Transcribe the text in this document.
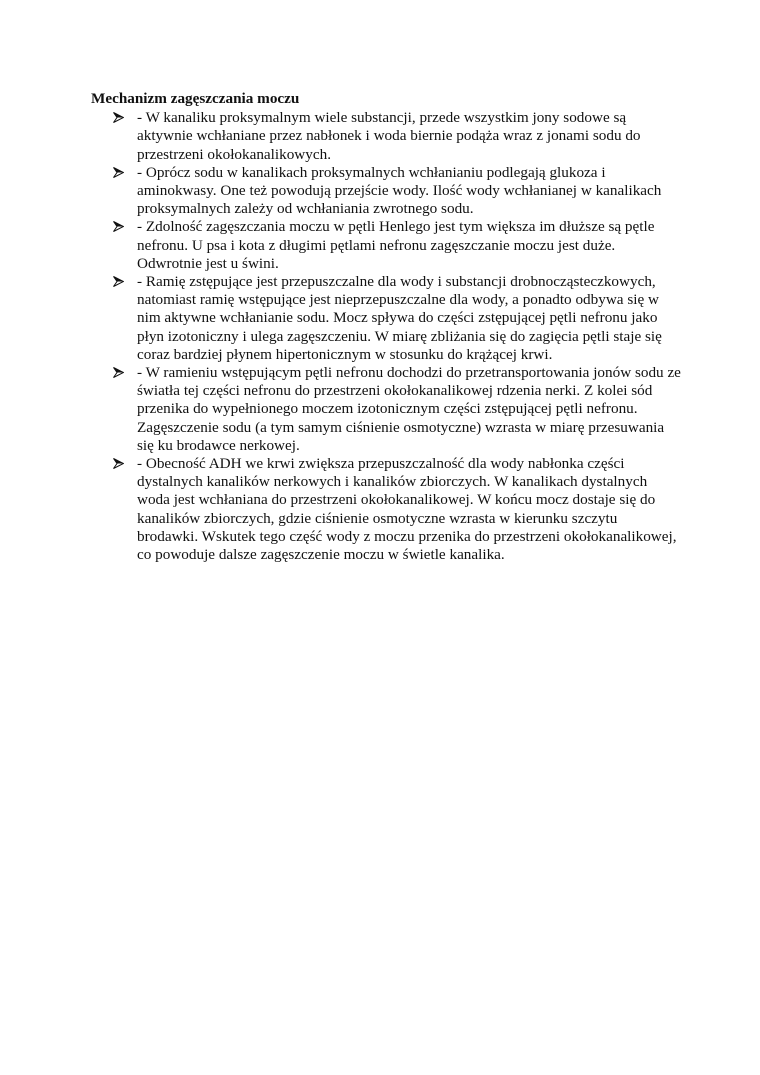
Mechanizm zagęszczania moczu
- W kanaliku proksymalnym wiele substancji, przede wszystkim jony sodowe są aktywnie wchłaniane przez nabłonek i woda biernie podąża wraz z jonami sodu do przestrzeni okołokanalikowych.
- Oprócz sodu w kanalikach proksymalnych wchłanianiu podlegają glukoza i aminokwasy. One też powodują przejście wody. Ilość wody wchłanianej w kanalikach proksymalnych zależy od wchłaniania zwrotnego sodu.
- Zdolność zagęszczania moczu w pętli Henlego jest tym większa im dłuższe są pętle nefronu. U psa i kota z długimi pętlami nefronu zagęszczanie moczu jest duże. Odwrotnie jest u świni.
- Ramię zstępujące jest przepuszczalne dla wody i substancji drobnocząsteczkowych, natomiast ramię wstępujące jest nieprzepuszczalne dla wody, a ponadto odbywa się w nim aktywne wchłanianie sodu. Mocz spływa do części zstępującej pętli nefronu jako płyn izotoniczny i ulega zagęszczeniu. W miarę zbliżania się do zagięcia pętli staje się coraz bardziej płynem hipertonicznym w stosunku do krążącej krwi.
- W ramieniu wstępującym pętli nefronu dochodzi do przetransportowania jonów sodu ze światła tej części nefronu do przestrzeni okołokanalikowej rdzenia nerki. Z kolei sód przenika do wypełnionego moczem izotonicznym części zstępującej pętli nefronu. Zagęszczenie sodu (a tym samym ciśnienie osmotyczne) wzrasta w miarę przesuwania się ku brodawce nerkowej.
- Obecność ADH we krwi zwiększa przepuszczalność dla wody nabłonka części dystalnych kanalików nerkowych i kanalików zbiorczych. W kanalikach dystalnych woda jest wchłaniana do przestrzeni okołokanalikowej. W końcu mocz dostaje się do kanalików zbiorczych, gdzie ciśnienie osmotyczne wzrasta w kierunku szczytu brodawki. Wskutek tego część wody z moczu przenika do przestrzeni okołokanalikowej, co powoduje dalsze zagęszczenie moczu w świetle kanalika.
